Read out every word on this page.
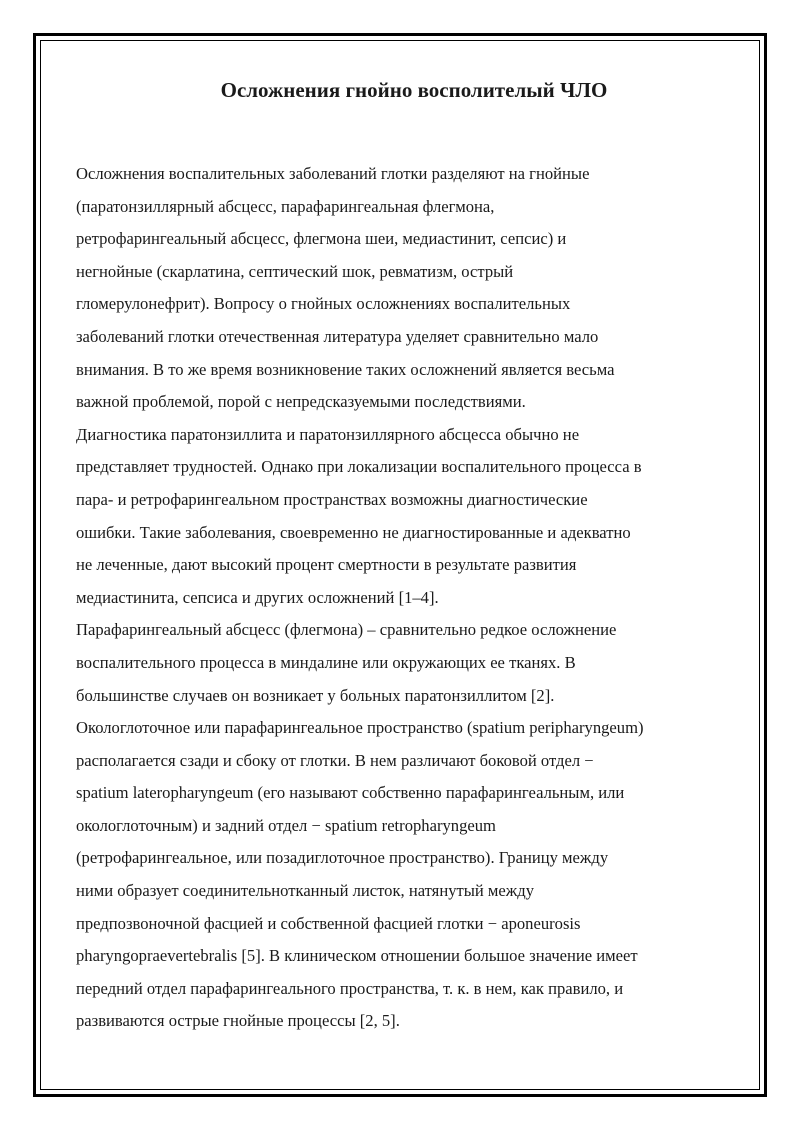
Осложнения гнойно восполителый ЧЛО

Осложнения воспалительных заболеваний глотки разделяют на гнойные
(паратонзиллярный абсцесс, парафарингеальная флегмона,
ретрофарингеальный абсцесс, флегмона шеи, медиастинит, сепсис) и
негнойные (скарлатина, септический шок, ревматизм, острый
гломерулонефрит). Вопросу о гнойных осложнениях воспалительных
заболеваний глотки отечественная литература уделяет сравнительно мало
внимания. В то же время возникновение таких осложнений является весьма
важной проблемой, порой с непредсказуемыми последствиями.

Диагностика паратонзиллита и паратонзиллярного абсцесса обычно не
представляет трудностей. Однако при локализации воспалительного процесса в
пара- и ретрофарингеальном пространствах возможны диагностические
ошибки. Такие заболевания, своевременно не диагностированные и адекватно
не леченные, дают высокий процент смертности в результате развития
медиастинита, сепсиса и других осложнений [1–4].

Парафарингеальный абсцесс (флегмона) – сравнительно редкое осложнение
воспалительного процесса в миндалине или окружающих ее тканях. В
большинстве случаев он возникает у больных паратонзиллитом [2].
Окологлоточное или парафарингеальное пространство (spatium peripharyngeum)
располагается сзади и сбоку от глотки. В нем различают боковой отдел −
spatium lateropharyngeum (его называют собственно парафарингеальным, или
окологлоточным) и задний отдел − spatium retropharyngeum
(ретрофарингеальное, или позадиглоточное пространство). Границу между
ними образует соединительнотканный листок, натянутый между
предпозвоночной фасцией и собственной фасцией глотки − aponeurosis
pharyngopraevertebralis [5]. В клиническом отношении большое значение имеет
передний отдел парафарингеального пространства, т. к. в нем, как правило, и
развиваются острые гнойные процессы [2, 5].
